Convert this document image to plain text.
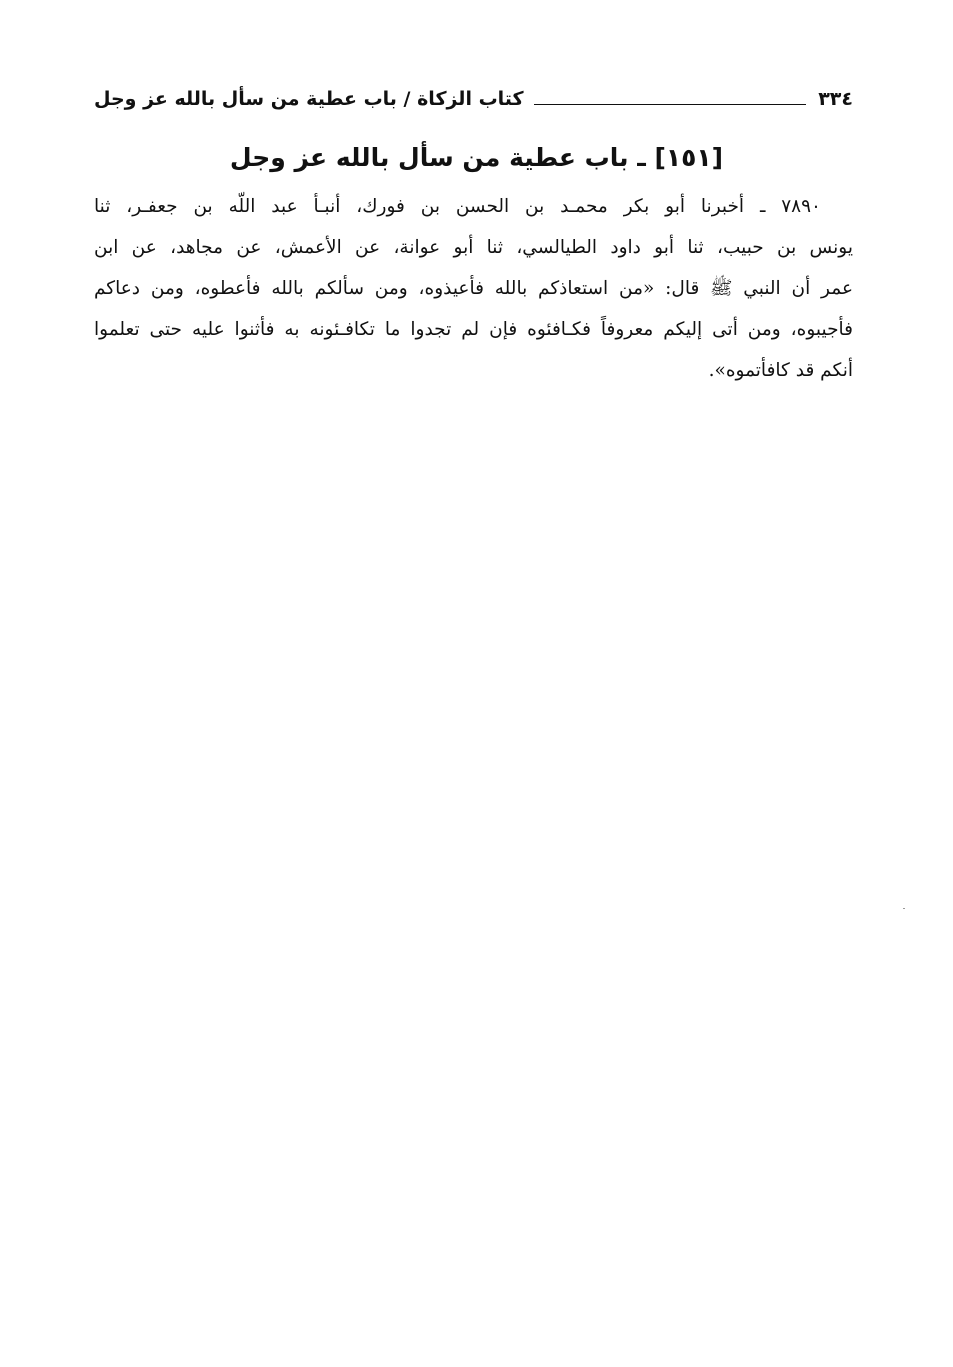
٣٣٤
كتاب الزكاة / باب عطية من سأل بالله عز وجل
[١٥١] ـ باب عطية من سأل بالله عز وجل
٧٨٩٠ ـ أخبرنا أبو بكر محمـد بن الحسن بن فورك، أنبـأ عبد اللّه بن جعفـر، ثنا
يونس بن حبيب، ثنا أبو داود الطيالسي، ثنا أبو عوانة، عن الأعمش، عن مجاهد، عن ابن
عمر أن النبي ﷺ قال: «من استعاذكم بالله فأعيذوه، ومن سألكم بالله فأعطوه، ومن دعاكم
فأجيبوه، ومن أتى إليكم معروفاً فكـافئوه فإن لم تجدوا ما تكافـئونه به فأثنوا عليه حتى تعلموا
أنكم قد كافأتموه».
